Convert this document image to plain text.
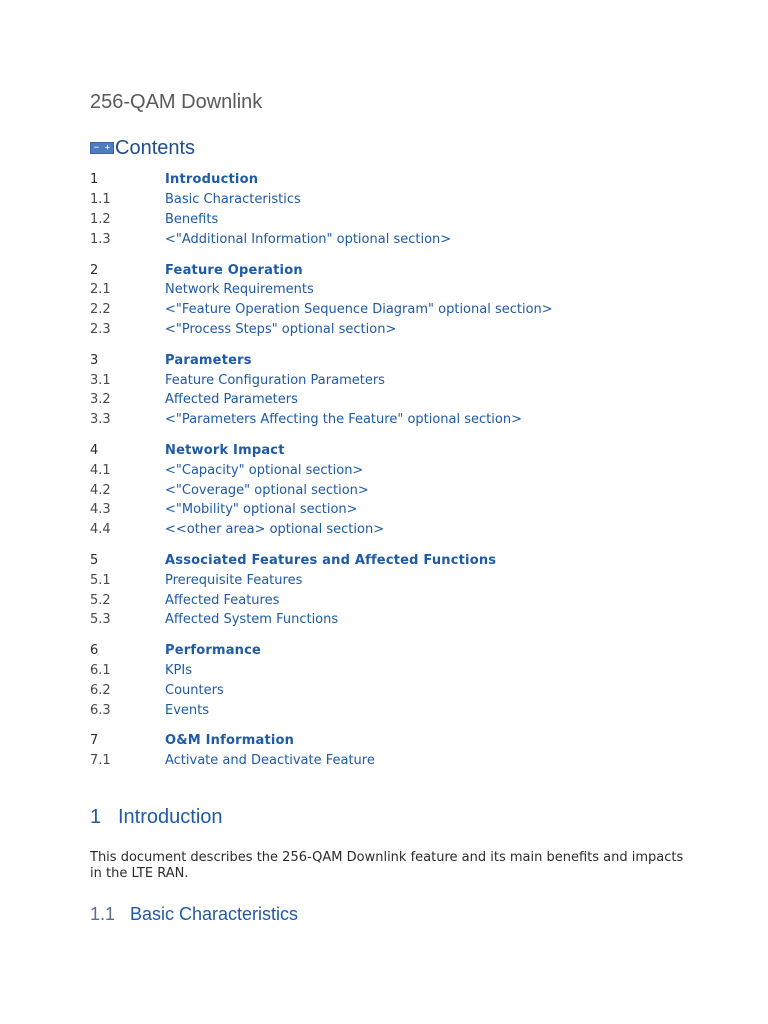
256-QAM Downlink
− + Contents
1	Introduction
1.1	Basic Characteristics
1.2	Benefits
1.3	<"Additional Information" optional section>
2	Feature Operation
2.1	Network Requirements
2.2	<"Feature Operation Sequence Diagram" optional section>
2.3	<"Process Steps" optional section>
3	Parameters
3.1	Feature Configuration Parameters
3.2	Affected Parameters
3.3	<"Parameters Affecting the Feature" optional section>
4	Network Impact
4.1	<"Capacity" optional section>
4.2	<"Coverage" optional section>
4.3	<"Mobility" optional section>
4.4	<<other area> optional section>
5	Associated Features and Affected Functions
5.1	Prerequisite Features
5.2	Affected Features
5.3	Affected System Functions
6	Performance
6.1	KPIs
6.2	Counters
6.3	Events
7	O&M Information
7.1	Activate and Deactivate Feature
1 Introduction
This document describes the 256-QAM Downlink feature and its main benefits and impacts in the LTE RAN.
1.1 Basic Characteristics
